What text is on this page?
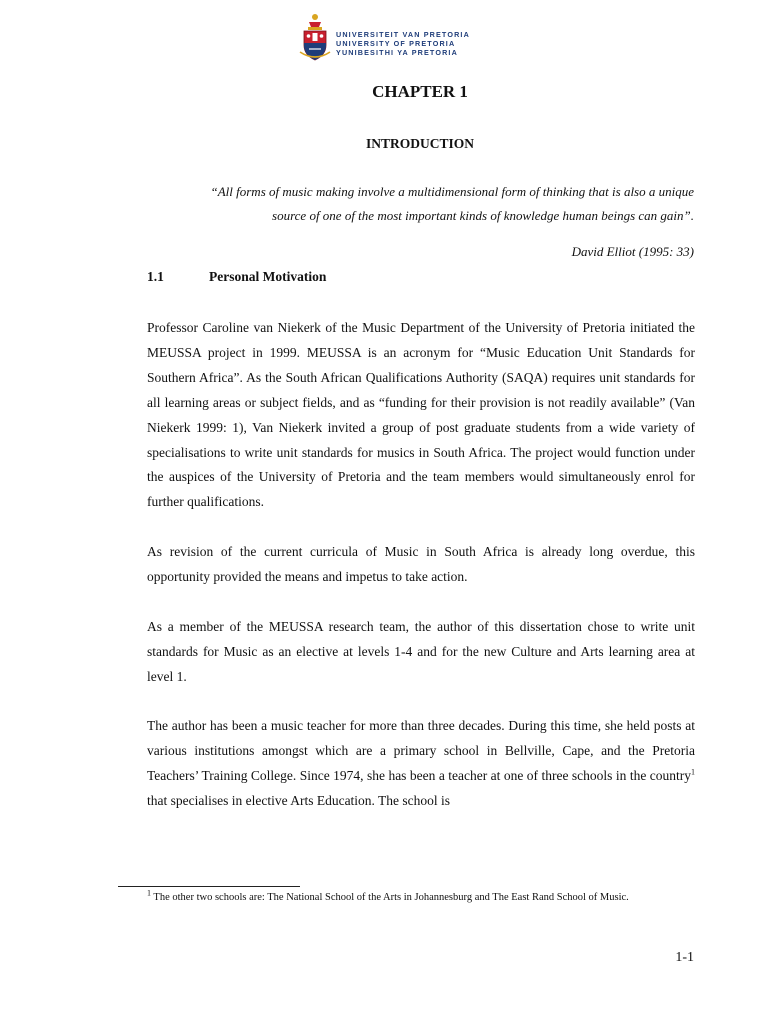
UNIVERSITEIT VAN PRETORIA
UNIVERSITY OF PRETORIA
YUNIBESITHI YA PRETORIA
CHAPTER 1
INTRODUCTION
“All forms of music making involve a multidimensional form of thinking that is also a unique
source of one of the most important kinds of knowledge human beings can gain”.
David Elliot (1995: 33)
1.1	Personal Motivation

Professor Caroline van Niekerk of the Music Department of the University of Pretoria initiated the MEUSSA project in 1999. MEUSSA is an acronym for “Music Education Unit Standards for Southern Africa”. As the South African Qualifications Authority (SAQA) requires unit standards for all learning areas or subject fields, and as “funding for their provision is not readily available” (Van Niekerk 1999: 1), Van Niekerk invited a group of post graduate students from a wide variety of specialisations to write unit standards for musics in South Africa. The project would function under the auspices of the University of Pretoria and the team members would simultaneously enrol for further qualifications.

As revision of the current curricula of Music in South Africa is already long overdue, this opportunity provided the means and impetus to take action.

As a member of the MEUSSA research team, the author of this dissertation chose to write unit standards for Music as an elective at levels 1-4 and for the new Culture and Arts learning area at level 1.

The author has been a music teacher for more than three decades. During this time, she held posts at various institutions amongst which are a primary school in Bellville, Cape, and the Pretoria Teachers’ Training College. Since 1974, she has been a teacher at one of three schools in the country$^1$ that specialises in elective Arts Education. The school is

$^1$ The other two schools are: The National School of the Arts in Johannesburg and The East Rand School of Music.
1-1
